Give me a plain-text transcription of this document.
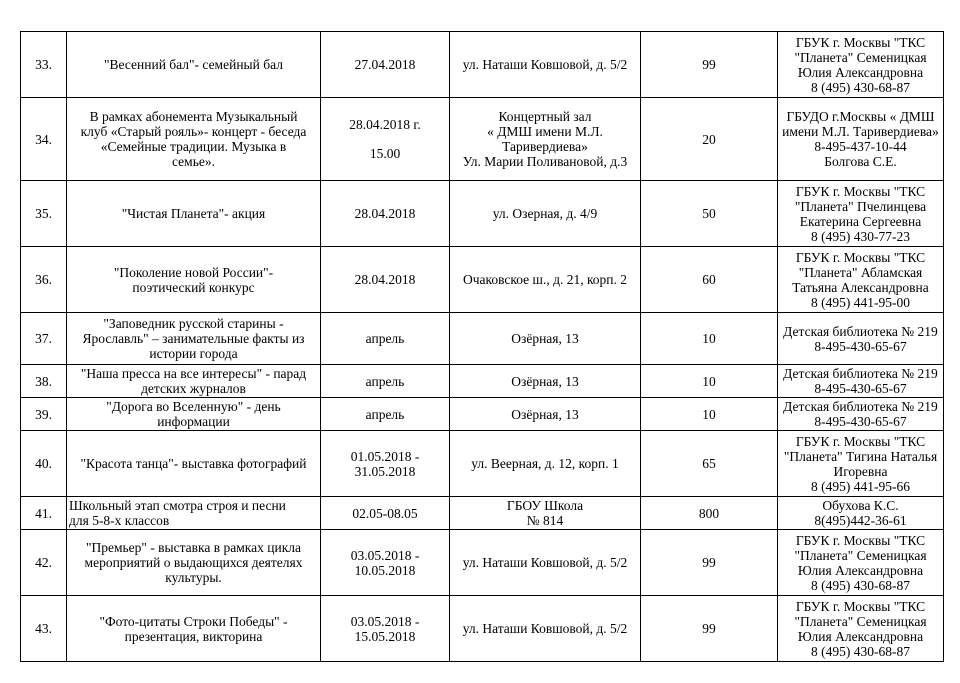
33.	"Весенний бал"- семейный бал	27.04.2018	ул. Наташи Ковшовой, д. 5/2	99	ГБУК г. Москвы "ТКС
"Планета" Семеницкая
Юлия Александровна
8 (495) 430-68-87

34.	В рамках абонемента Музыкальный
клуб «Старый рояль»- концерт - беседа
«Семейные традиции. Музыка в
семье».	28.04.2018 г.
15.00	Концертный зал
« ДМШ имени М.Л.
Таривердиева»
Ул. Марии Поливановой, д.3	20	ГБУДО г.Москвы « ДМШ
имени М.Л. Таривердиева»
8-495-437-10-44
Болгова С.Е.

35.	"Чистая Планета"- акция	28.04.2018	ул. Озерная, д. 4/9	50	ГБУК г. Москвы "ТКС
"Планета" Пчелинцева
Екатерина Сергеевна
8 (495) 430-77-23

36.	"Поколение новой России"-
поэтический конкурс	28.04.2018	Очаковское ш., д. 21, корп. 2	60	ГБУК г. Москвы "ТКС
"Планета" Абламская
Татьяна Александровна
8 (495) 441-95-00

37.	"Заповедник русской старины -
Ярославль" – занимательные факты из
истории города	апрель	Озёрная, 13	10	Детская библиотека № 219
8-495-430-65-67

38.	"Наша пресса на все интересы" - парад
детских журналов	апрель	Озёрная, 13	10	Детская библиотека № 219
8-495-430-65-67

39.	"Дорога во Вселенную" - день
информации	апрель	Озёрная, 13	10	Детская библиотека № 219
8-495-430-65-67

40.	"Красота танца"- выставка фотографий	01.05.2018 -
31.05.2018	ул. Веерная, д. 12, корп. 1	65	ГБУК г. Москвы "ТКС
"Планета" Тигина Наталья
Игоревна
8 (495) 441-95-66

41.	Школьный этап смотра строя и песни
для 5-8-х классов	02.05-08.05	ГБОУ Школа
№ 814	800	Обухова К.С.
8(495)442-36-61

42.	"Премьер" - выставка в рамках цикла
мероприятий о выдающихся деятелях
культуры.	03.05.2018 -
10.05.2018	ул. Наташи Ковшовой, д. 5/2	99	ГБУК г. Москвы "ТКС
"Планета" Семеницкая
Юлия Александровна
8 (495) 430-68-87

43.	"Фото-цитаты Строки Победы" -
презентация, викторина	03.05.2018 -
15.05.2018	ул. Наташи Ковшовой, д. 5/2	99	ГБУК г. Москвы "ТКС
"Планета" Семеницкая
Юлия Александровна
8 (495) 430-68-87
